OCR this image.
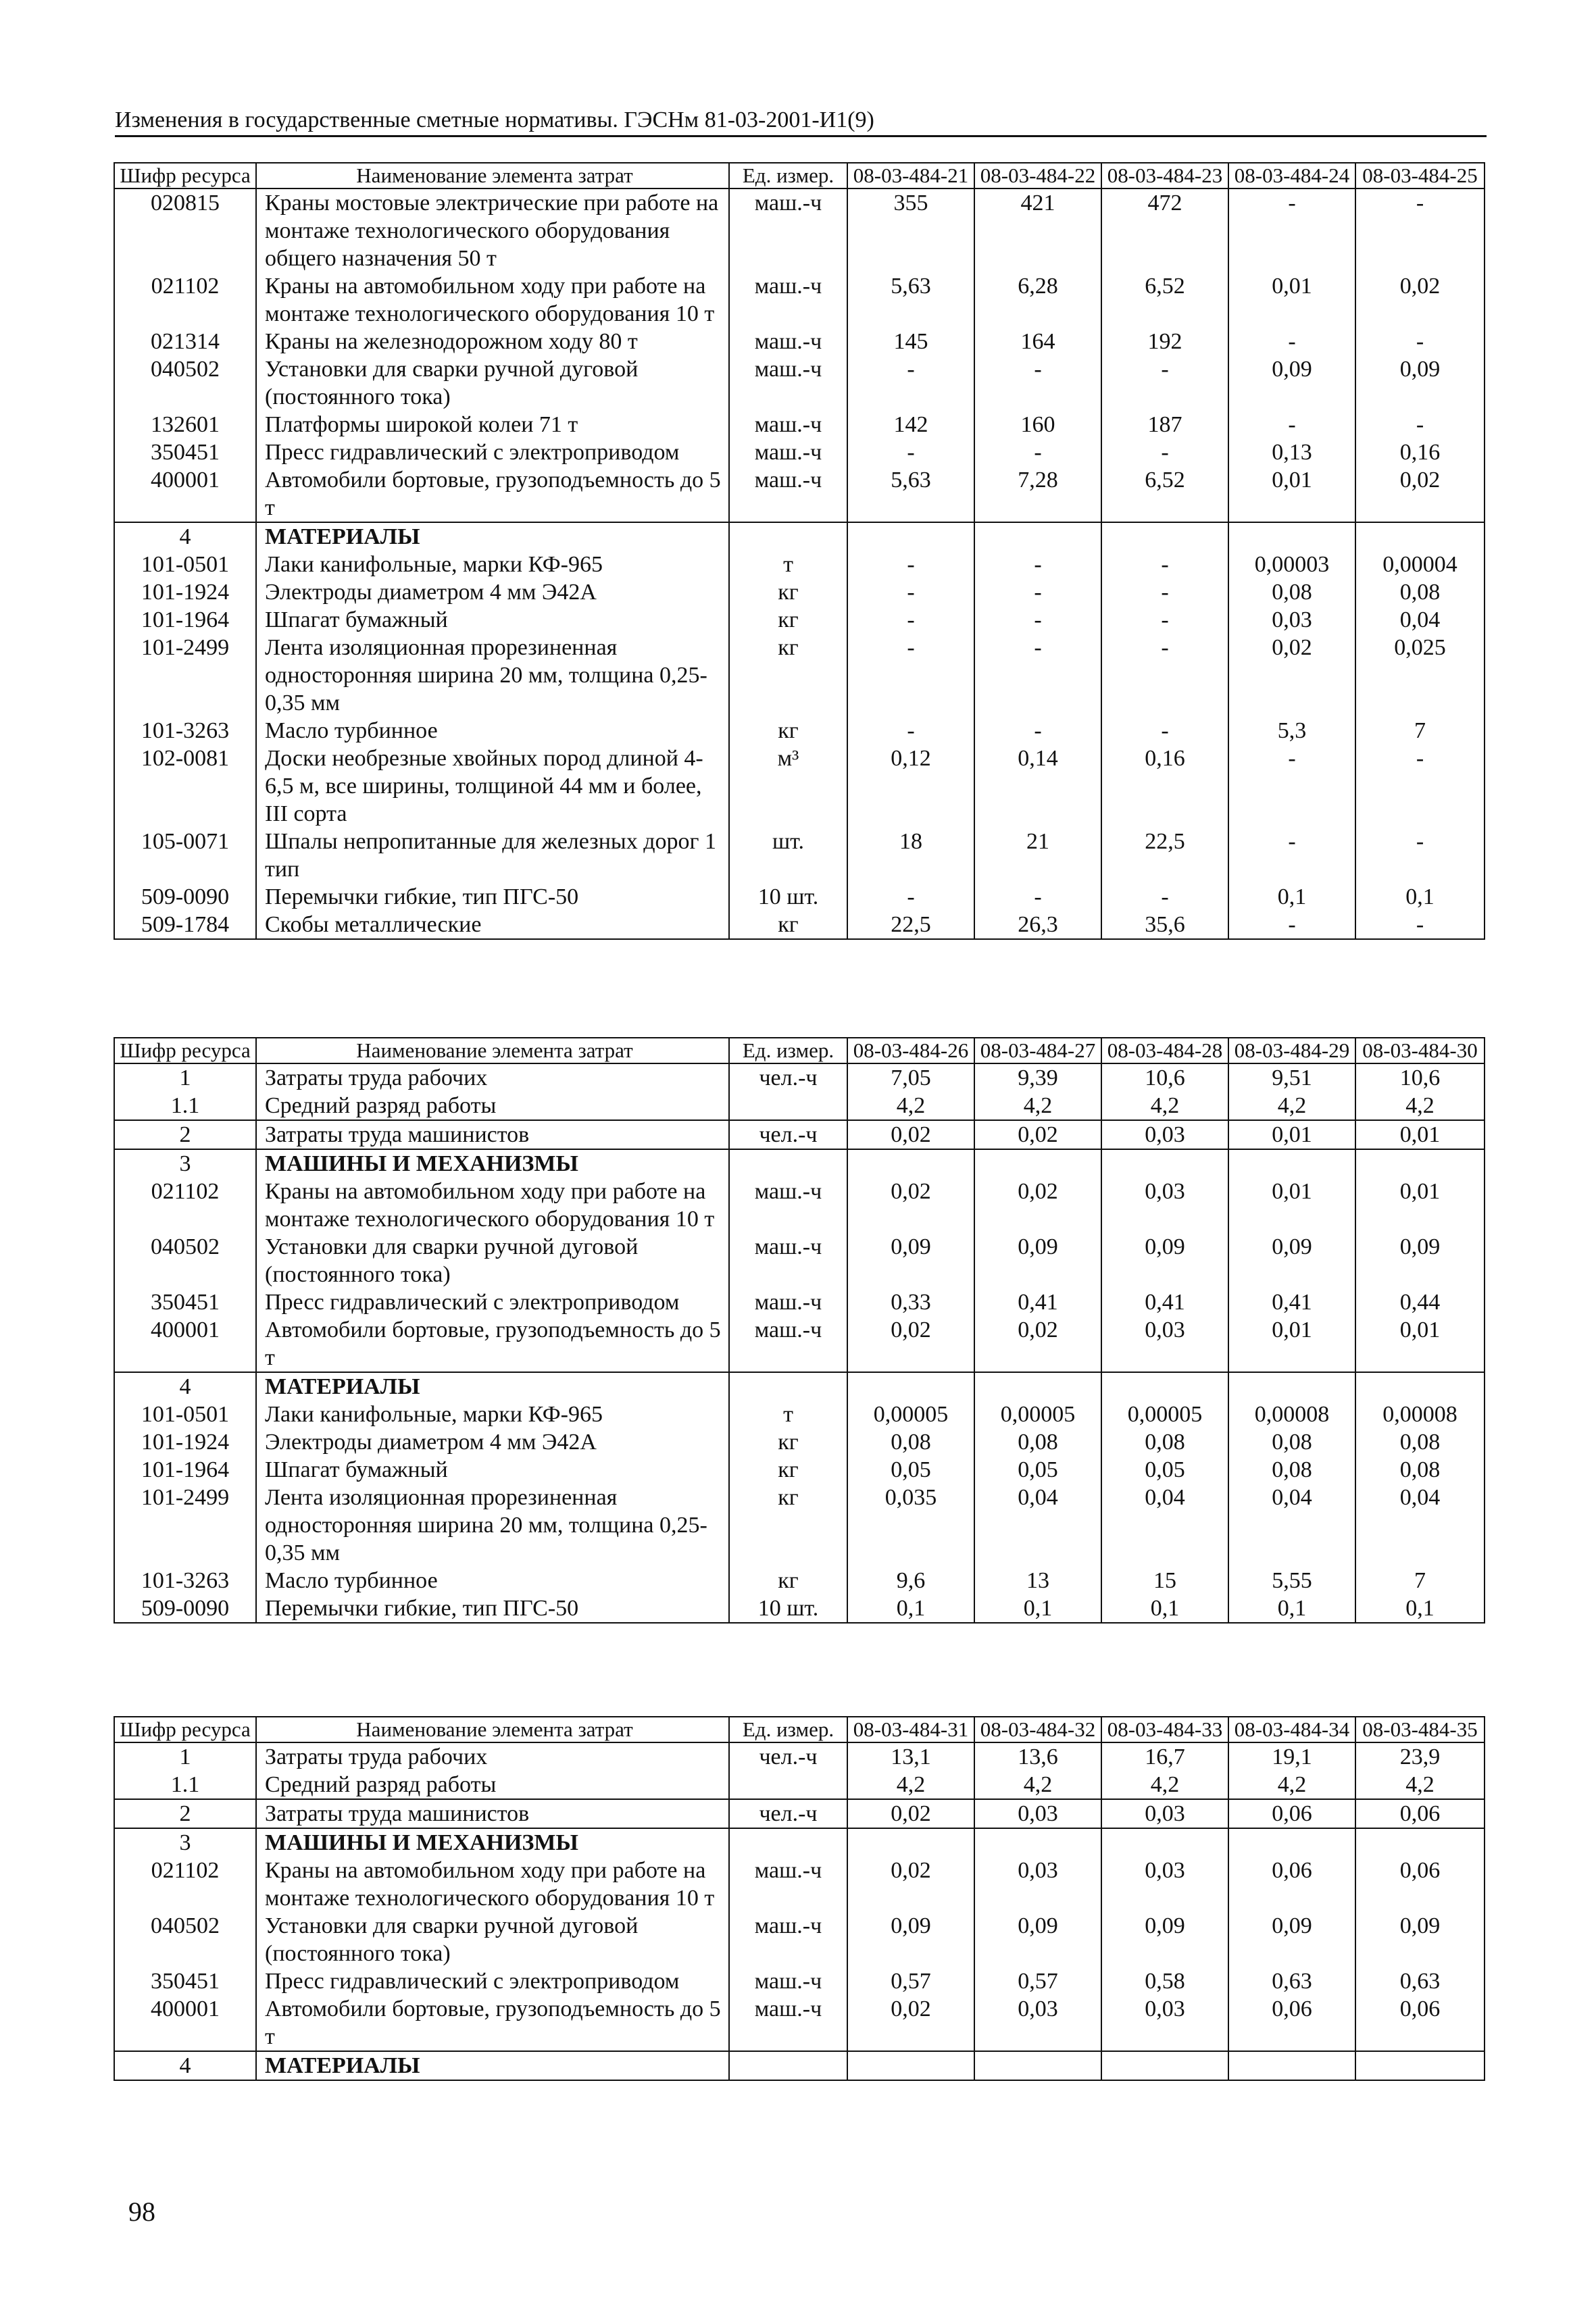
Изменения в государственные сметные нормативы. ГЭСНм 81-03-2001-И1(9)
Шифр ресурса	Наименование элемента затрат	Ед. измер.	08-03-484-21	08-03-484-22	08-03-484-23	08-03-484-24	08-03-484-25
020815	Краны мостовые электрические при работе на монтаже технологического оборудования общего назначения 50 т	маш.-ч	355	421	472	-	-
021102	Краны на автомобильном ходу при работе на монтаже технологического оборудования 10 т	маш.-ч	5,63	6,28	6,52	0,01	0,02
021314	Краны на железнодорожном ходу 80 т	маш.-ч	145	164	192	-	-
040502	Установки для сварки ручной дуговой (постоянного тока)	маш.-ч	-	-	-	0,09	0,09
132601	Платформы широкой колеи 71 т	маш.-ч	142	160	187	-	-
350451	Пресс гидравлический с электроприводом	маш.-ч	-	-	-	0,13	0,16
400001	Автомобили бортовые, грузоподъемность до 5 т	маш.-ч	5,63	7,28	6,52	0,01	0,02
4	МАТЕРИАЛЫ						
101-0501	Лаки канифольные, марки КФ-965	т	-	-	-	0,00003	0,00004
101-1924	Электроды диаметром 4 мм Э42А	кг	-	-	-	0,08	0,08
101-1964	Шпагат бумажный	кг	-	-	-	0,03	0,04
101-2499	Лента изоляционная прорезиненная односторонняя ширина 20 мм, толщина 0,25-0,35 мм	кг	-	-	-	0,02	0,025
101-3263	Масло турбинное	кг	-	-	-	5,3	7
102-0081	Доски необрезные хвойных пород длиной 4-6,5 м, все ширины, толщиной 44 мм и более, III сорта	м³	0,12	0,14	0,16	-	-
105-0071	Шпалы непропитанные для железных дорог 1 тип	шт.	18	21	22,5	-	-
509-0090	Перемычки гибкие, тип ПГС-50	10 шт.	-	-	-	0,1	0,1
509-1784	Скобы металлические	кг	22,5	26,3	35,6	-	-
Шифр ресурса	Наименование элемента затрат	Ед. измер.	08-03-484-26	08-03-484-27	08-03-484-28	08-03-484-29	08-03-484-30
1	Затраты труда рабочих	чел.-ч	7,05	9,39	10,6	9,51	10,6
1.1	Средний разряд работы		4,2	4,2	4,2	4,2	4,2
2	Затраты труда машинистов	чел.-ч	0,02	0,02	0,03	0,01	0,01
3	МАШИНЫ И МЕХАНИЗМЫ						
021102	Краны на автомобильном ходу при работе на монтаже технологического оборудования 10 т	маш.-ч	0,02	0,02	0,03	0,01	0,01
040502	Установки для сварки ручной дуговой (постоянного тока)	маш.-ч	0,09	0,09	0,09	0,09	0,09
350451	Пресс гидравлический с электроприводом	маш.-ч	0,33	0,41	0,41	0,41	0,44
400001	Автомобили бортовые, грузоподъемность до 5 т	маш.-ч	0,02	0,02	0,03	0,01	0,01
4	МАТЕРИАЛЫ						
101-0501	Лаки канифольные, марки КФ-965	т	0,00005	0,00005	0,00005	0,00008	0,00008
101-1924	Электроды диаметром 4 мм Э42А	кг	0,08	0,08	0,08	0,08	0,08
101-1964	Шпагат бумажный	кг	0,05	0,05	0,05	0,08	0,08
101-2499	Лента изоляционная прорезиненная односторонняя ширина 20 мм, толщина 0,25-0,35 мм	кг	0,035	0,04	0,04	0,04	0,04
101-3263	Масло турбинное	кг	9,6	13	15	5,55	7
509-0090	Перемычки гибкие, тип ПГС-50	10 шт.	0,1	0,1	0,1	0,1	0,1
Шифр ресурса	Наименование элемента затрат	Ед. измер.	08-03-484-31	08-03-484-32	08-03-484-33	08-03-484-34	08-03-484-35
1	Затраты труда рабочих	чел.-ч	13,1	13,6	16,7	19,1	23,9
1.1	Средний разряд работы		4,2	4,2	4,2	4,2	4,2
2	Затраты труда машинистов	чел.-ч	0,02	0,03	0,03	0,06	0,06
3	МАШИНЫ И МЕХАНИЗМЫ						
021102	Краны на автомобильном ходу при работе на монтаже технологического оборудования 10 т	маш.-ч	0,02	0,03	0,03	0,06	0,06
040502	Установки для сварки ручной дуговой (постоянного тока)	маш.-ч	0,09	0,09	0,09	0,09	0,09
350451	Пресс гидравлический с электроприводом	маш.-ч	0,57	0,57	0,58	0,63	0,63
400001	Автомобили бортовые, грузоподъемность до 5 т	маш.-ч	0,02	0,03	0,03	0,06	0,06
4	МАТЕРИАЛЫ						
98
